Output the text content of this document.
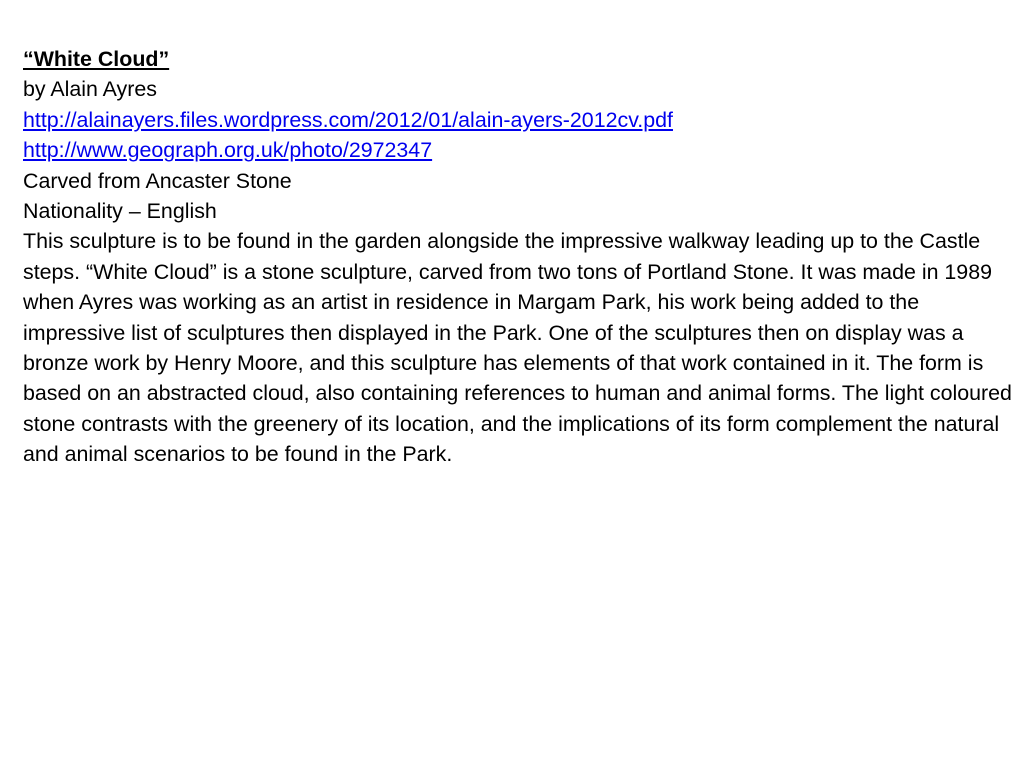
“White Cloud”

by Alain Ayres

http://alainayers.files.wordpress.com/2012/01/alain-ayers-2012cv.pdf

http://www.geograph.org.uk/photo/2972347

Carved from Ancaster Stone

Nationality – English

This sculpture is to be found in the garden alongside the impressive walkway leading up to the Castle steps. “White Cloud” is a stone sculpture, carved from two tons of Portland Stone. It was made in 1989 when Ayres was working as an artist in residence in Margam Park, his work being added to the impressive list of sculptures then displayed in the Park. One of the sculptures then on display was a bronze work by Henry Moore, and this sculpture has elements of that work contained in it. The form is based on an abstracted cloud, also containing references to human and animal forms. The light coloured stone contrasts with the greenery of its location, and the implications of its form complement the natural and animal scenarios to be found in the Park.
